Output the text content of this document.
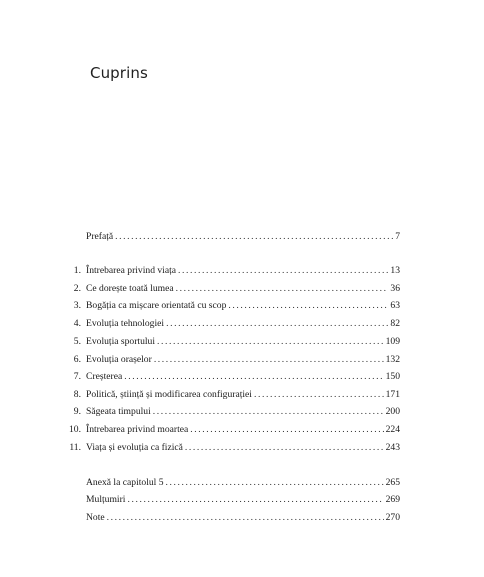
Cuprins
Prefață .....	7
1. Întrebarea privind viața .....	13
2. Ce dorește toată lumea .....	36
3. Bogăția ca mișcare orientată cu scop .....	63
4. Evoluția tehnologiei .....	82
5. Evoluția sportului .....	109
6. Evoluția orașelor .....	132
7. Creșterea .....	150
8. Politică, știință și modificarea configurației .....	171
9. Săgeata timpului .....	200
10. Întrebarea privind moartea .....	224
11. Viața și evoluția ca fizică .....	243
Anexă la capitolul 5 .....	265
Mulțumiri .....	269
Note .....	270
